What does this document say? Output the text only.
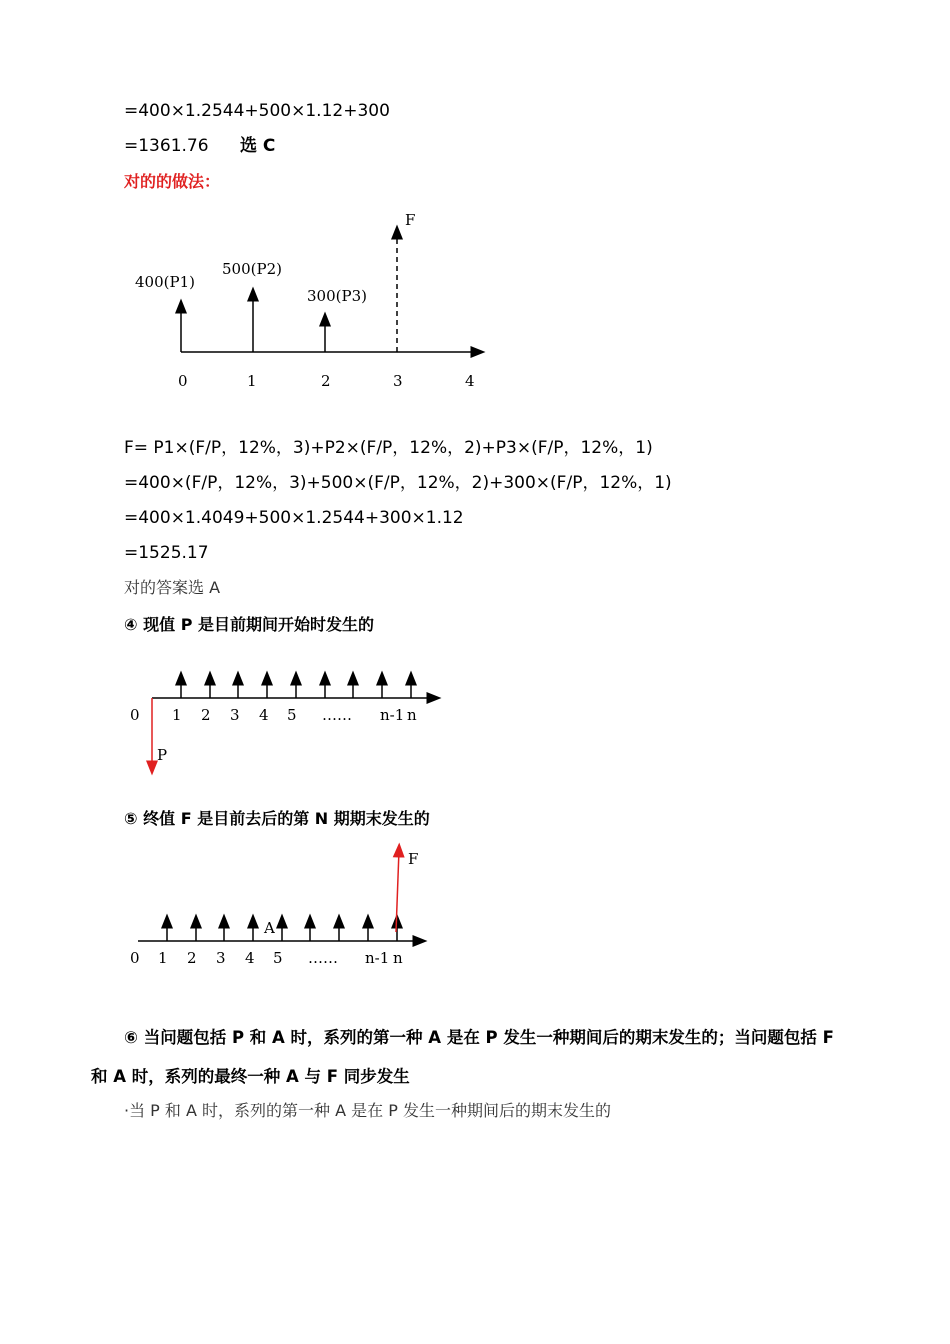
=400×1.2544+500×1.12+300
=1361.76 选 C
对的的做法：
400(P1)
500(P2)
300(P3)
F
0	1	2	3	4
P
0 1 2 3 4 5 …… n-1 n
A
F
0 1 2 3 4 5 …… n-1 n
F= P1×(F/P，12%，3)+P2×(F/P，12%，2)+P3×(F/P，12%，1)
=400×(F/P，12%，3)+500×(F/P，12%，2)+300×(F/P，12%，1)
=400×1.4049+500×1.2544+300×1.12
=1525.17
对的答案选 A
④ 现值 P 是目前期间开始时发生的
⑤ 终值 F 是目前去后的第 N 期期末发生的
⑥ 当问题包括 P 和 A 时，系列的第一种 A 是在 P 发生一种期间后的期末发生的；当问题包括 F
和 A 时，系列的最终一种 A 与 F 同步发生
·当 P 和 A 时，系列的第一种 A 是在 P 发生一种期间后的期末发生的
